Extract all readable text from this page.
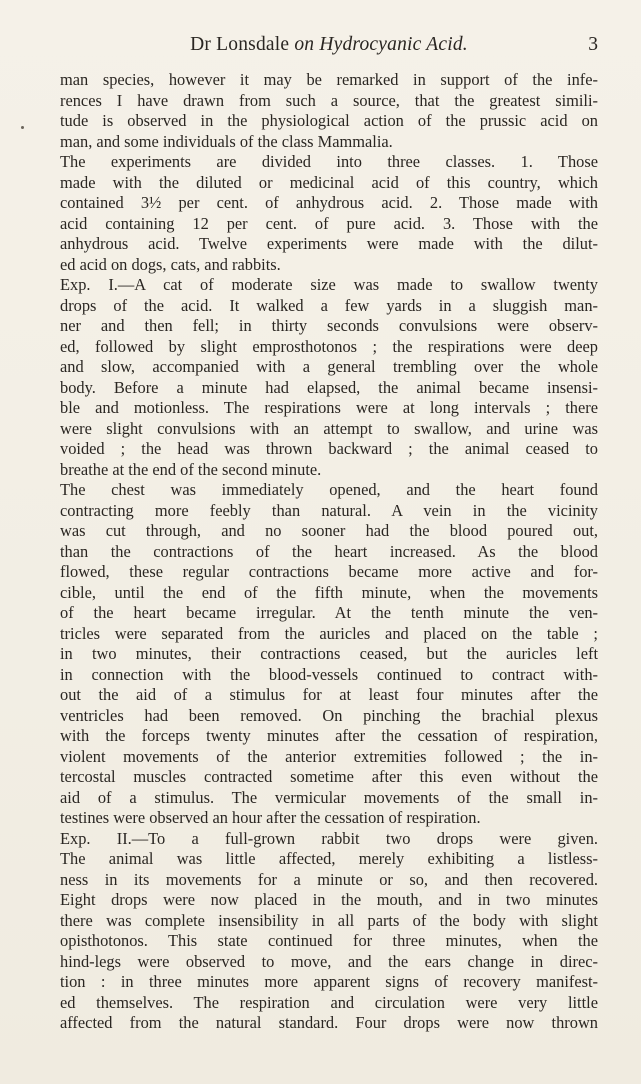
Dr Lonsdale on Hydrocyanic Acid.	3
man species, however it may be remarked in support of the infe-
rences I have drawn from such a source, that the greatest simili-
tude is observed in the physiological action of the prussic acid on
man, and some individuals of the class Mammalia.
The experiments are divided into three classes. 1. Those
made with the diluted or medicinal acid of this country, which
contained 3½ per cent. of anhydrous acid. 2. Those made with
acid containing 12 per cent. of pure acid. 3. Those with the
anhydrous acid. Twelve experiments were made with the dilut-
ed acid on dogs, cats, and rabbits.
Exp. I.—A cat of moderate size was made to swallow twenty
drops of the acid. It walked a few yards in a sluggish man-
ner and then fell; in thirty seconds convulsions were observ-
ed, followed by slight emprosthotonos ; the respirations were deep
and slow, accompanied with a general trembling over the whole
body. Before a minute had elapsed, the animal became insensi-
ble and motionless. The respirations were at long intervals ; there
were slight convulsions with an attempt to swallow, and urine was
voided ; the head was thrown backward ; the animal ceased to
breathe at the end of the second minute.
The chest was immediately opened, and the heart found
contracting more feebly than natural. A vein in the vicinity
was cut through, and no sooner had the blood poured out,
than the contractions of the heart increased. As the blood
flowed, these regular contractions became more active and for-
cible, until the end of the fifth minute, when the movements
of the heart became irregular. At the tenth minute the ven-
tricles were separated from the auricles and placed on the table ;
in two minutes, their contractions ceased, but the auricles left
in connection with the blood-vessels continued to contract with-
out the aid of a stimulus for at least four minutes after the
ventricles had been removed. On pinching the brachial plexus
with the forceps twenty minutes after the cessation of respiration,
violent movements of the anterior extremities followed ; the in-
tercostal muscles contracted sometime after this even without the
aid of a stimulus. The vermicular movements of the small in-
testines were observed an hour after the cessation of respiration.
Exp. II.—To a full-grown rabbit two drops were given.
The animal was little affected, merely exhibiting a listless-
ness in its movements for a minute or so, and then recovered.
Eight drops were now placed in the mouth, and in two minutes
there was complete insensibility in all parts of the body with slight
opisthotonos. This state continued for three minutes, when the
hind-legs were observed to move, and the ears change in direc-
tion : in three minutes more apparent signs of recovery manifest-
ed themselves. The respiration and circulation were very little
affected from the natural standard. Four drops were now thrown
